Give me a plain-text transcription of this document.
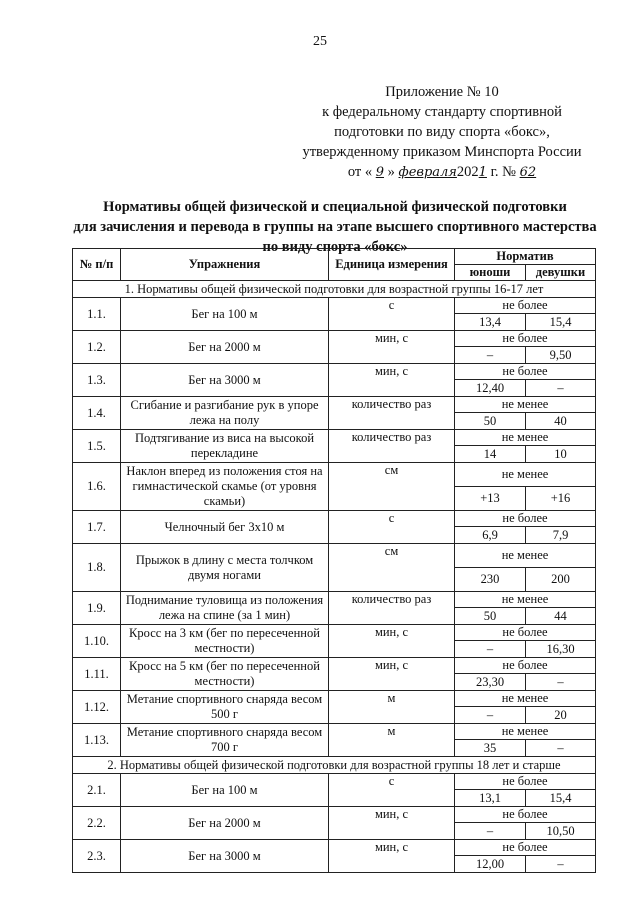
25
Приложение № 10
к федеральному стандарту спортивной
подготовки по виду спорта «бокс»,
утвержденному приказом Минспорта России
от « 9 » февраля2021 г. № 62
Нормативы общей физической и специальной физической подготовки
для зачисления и перевода в группы на этапе высшего спортивного мастерства
по виду спорта «бокс»
№ п/п	Упражнения	Единица измерения	Норматив	
			юноши	девушки
1. Нормативы общей физической подготовки для возрастной группы 16-17 лет				
1.1.	Бег на 100 м	с	не более	
			13,4	15,4
1.2.	Бег на 2000 м	мин, с	не более	
			–	9,50
1.3.	Бег на 3000 м	мин, с	не более	
			12,40	–
1.4.	Сгибание и разгибание рук в упоре лежа на полу	количество раз	не менее	
			50	40
1.5.	Подтягивание из виса на высокой перекладине	количество раз	не менее	
			14	10
1.6.	Наклон вперед из положения стоя на гимнастической скамье (от уровня скамьи)	см	не менее	
			+13	+16
1.7.	Челночный бег 3х10 м	с	не более	
			6,9	7,9
1.8.	Прыжок в длину с места толчком двумя ногами	см	не менее	
			230	200
1.9.	Поднимание туловища из положения лежа на спине (за 1 мин)	количество раз	не менее	
			50	44
1.10.	Кросс на 3 км (бег по пересеченной местности)	мин, с	не более	
			–	16,30
1.11.	Кросс на 5 км (бег по пересеченной местности)	мин, с	не более	
			23,30	–
1.12.	Метание спортивного снаряда весом 500 г	м	не менее	
			–	20
1.13.	Метание спортивного снаряда весом 700 г	м	не менее	
			35	–
2. Нормативы общей физической подготовки для возрастной группы 18 лет и старше				
2.1.	Бег на 100 м	с	не более	
			13,1	15,4
2.2.	Бег на 2000 м	мин, с	не более	
			–	10,50
2.3.	Бег на 3000 м	мин, с	не более	
			12,00	–
